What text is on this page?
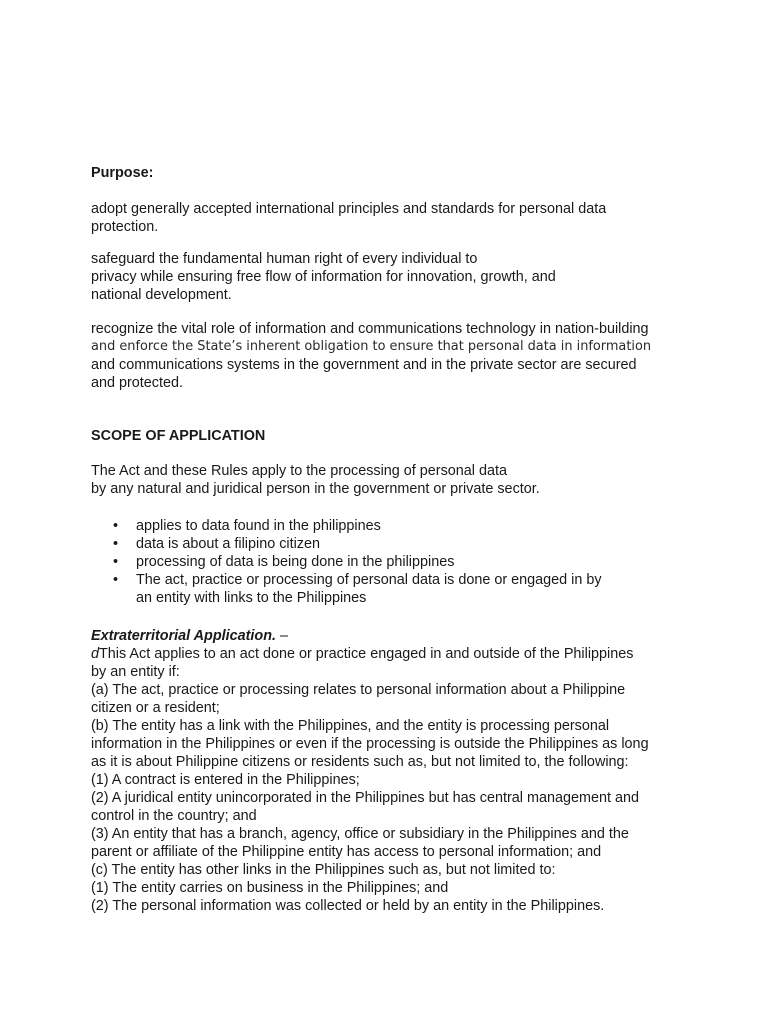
Purpose:
adopt generally accepted international principles and standards for personal data
protection.
safeguard the fundamental human right of every individual to
privacy while ensuring free flow of information for innovation, growth, and
national development.
recognize the vital role of information and communications technology in nation-building
and enforce the State’s inherent obligation to ensure that personal data in information
and communications systems in the government and in the private sector are secured
and protected.
SCOPE OF APPLICATION
The Act and these Rules apply to the processing of personal data
by any natural and juridical person in the government or private sector.
• applies to data found in the philippines
• data is about a filipino citizen
• processing of data is being done in the philippines
• The act, practice or processing of personal data is done or engaged in by
an entity with links to the Philippines
Extraterritorial Application. –
dThis Act applies to an act done or practice engaged in and outside of the Philippines
by an entity if:
(a) The act, practice or processing relates to personal information about a Philippine
citizen or a resident;
(b) The entity has a link with the Philippines, and the entity is processing personal
information in the Philippines or even if the processing is outside the Philippines as long
as it is about Philippine citizens or residents such as, but not limited to, the following:
(1) A contract is entered in the Philippines;
(2) A juridical entity unincorporated in the Philippines but has central management and
control in the country; and
(3) An entity that has a branch, agency, office or subsidiary in the Philippines and the
parent or affiliate of the Philippine entity has access to personal information; and
(c) The entity has other links in the Philippines such as, but not limited to:
(1) The entity carries on business in the Philippines; and
(2) The personal information was collected or held by an entity in the Philippines.
